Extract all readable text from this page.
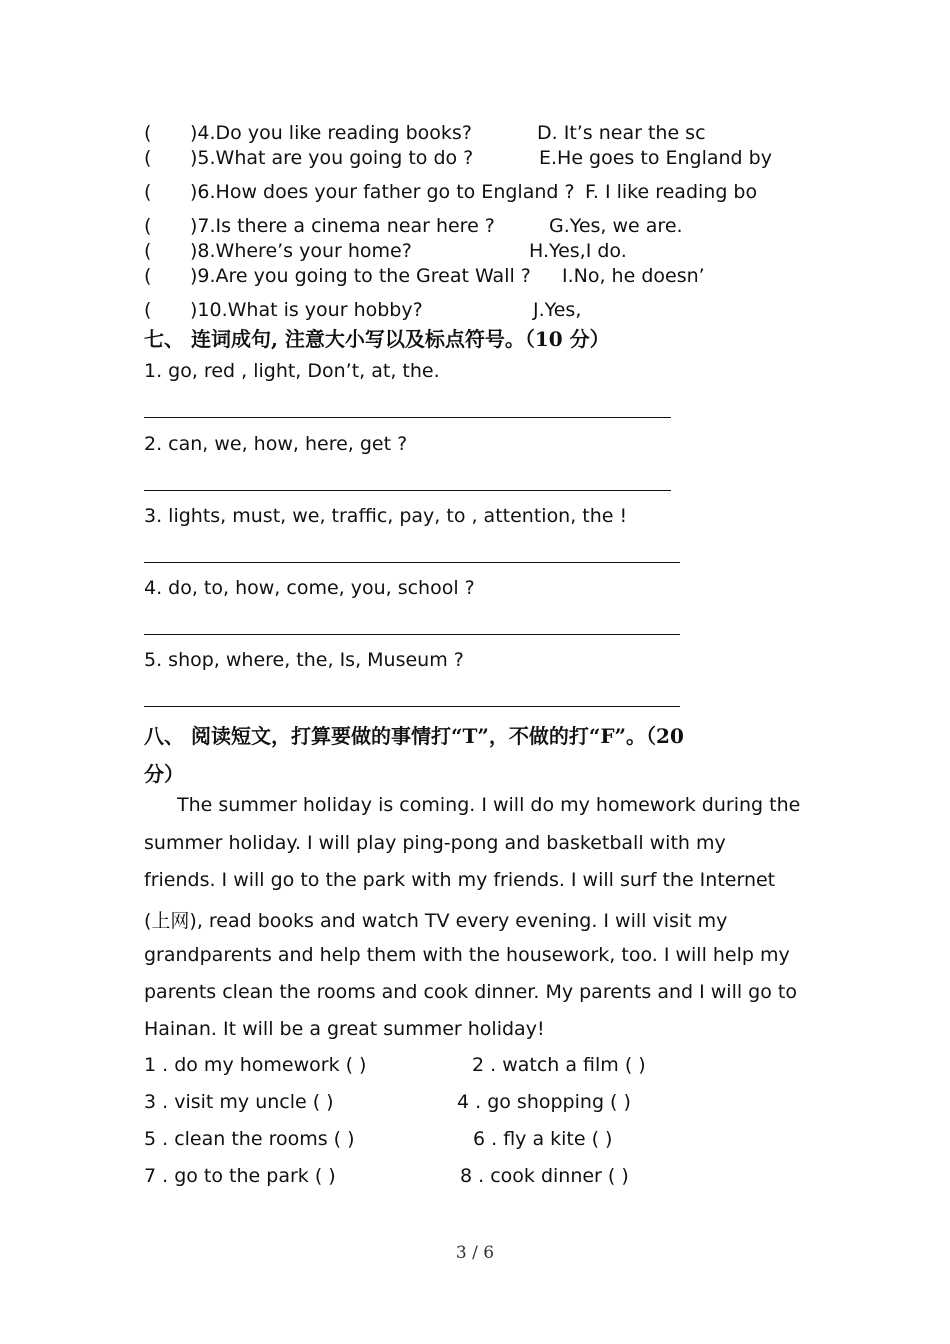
( )4.Do you like reading books?	D. It’s near the sc
( )5.What are you going to do ?	E.He goes to England by
( )6.How does your father go to England ? F. I like reading bo
( )7.Is there a cinema near here ?	G.Yes, we are.
( )8.Where’s your home?	H.Yes,I do.
( )9.Are you going to the Great Wall ? I.No, he doesn’
( )10.What is your hobby?	J.Yes,
七、 连词成句, 注意大小写以及标点符号。（10 分）
1. go, red , light, Don’t, at, the.
2. can, we, how, here, get ?
3. lights, must, we, traffic, pay, to , attention, the !
4. do, to, how, come, you, school ?
5. shop, where, the, Is, Museum ?
八、 阅读短文，打算要做的事情打“T”，不做的打“F”。（20
分）
The summer holiday is coming. I will do my homework during the
summer holiday. I will play ping-pong and basketball with my
friends. I will go to the park with my friends. I will surf the Internet
(上网), read books and watch TV every evening. I will visit my
grandparents and help them with the housework, too. I will help my
parents clean the rooms and cook dinner. My parents and I will go to
Hainan. It will be a great summer holiday!
1 . do my homework ( )	2 . watch a film ( )
3 . visit my uncle ( )	4 . go shopping ( )
5 . clean the rooms ( )	6 . fly a kite ( )
7 . go to the park ( )	8 . cook dinner ( )
3 / 6
